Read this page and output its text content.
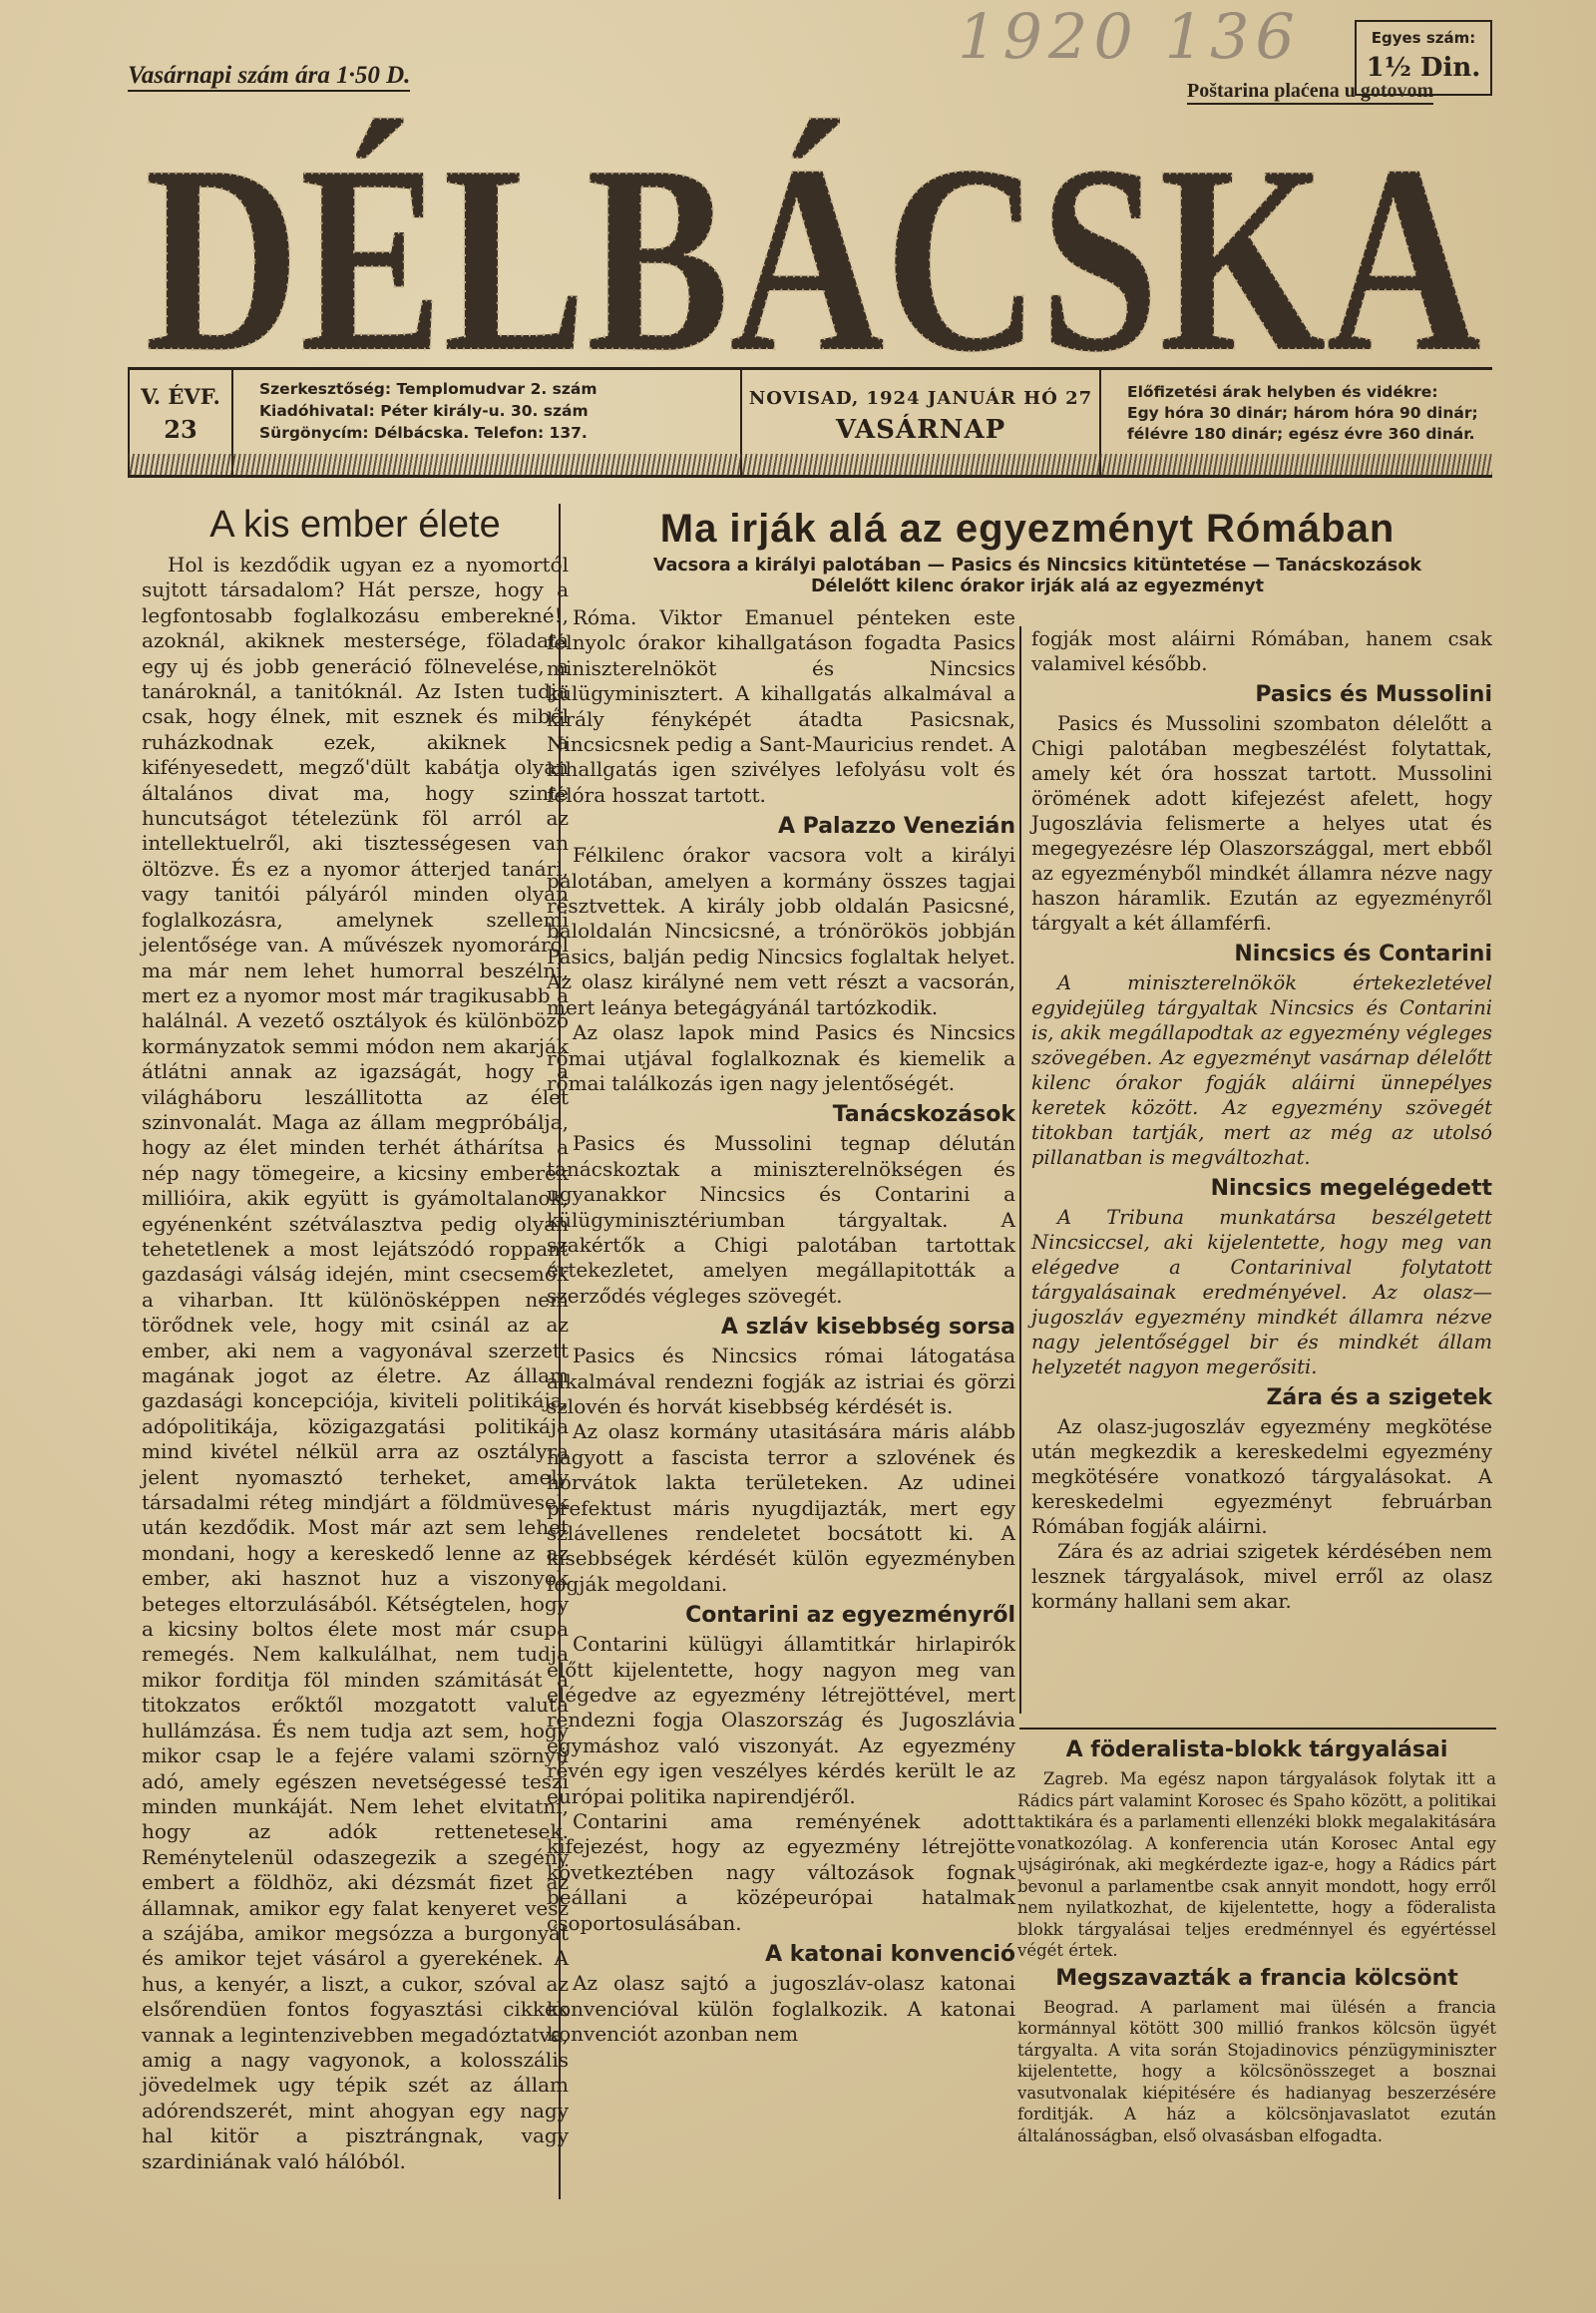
1920 136
Vasárnapi szám ára 1·50 D.
Poštarina plaćena u gotovom
DÉLBÁCSKA
V. ÉVF.
23
Szerkesztőség: Templomudvar 2. szám
Kiadóhivatal: Péter király-u. 30. szám
Sürgönycím: Délbácska. Telefon: 137.
NOVISAD, 1924 JANUÁR HÓ 27
VASÁRNAP
Előfizetési árak helyben és vidékre:
Egy hóra 30 dinár; három hóra 90 dinár;
félévre 180 dinár; egész évre 360 dinár.
Egyes szám:
1½ Din.
A kis ember élete

Hol is kezdődik ugyan ez a nyomortól sujtott társadalom? Hát persze, hogy a legfontosabb foglalkozásu emberekné!, azoknál, akiknek mestersége, föladata egy uj és jobb generáció fölnevelése, a tanároknál, a tanitóknál. Az Isten tudja csak, hogy élnek, mit esznek és miből ruházkodnak ezek, akiknek a kifényesedett, megző'dült kabátja olyan általános divat ma, hogy szinte huncutságot tételezünk föl arról az intellektuelről, aki tisztességesen van öltözve. És ez a nyomor átterjed tanári, vagy tanitói pályáról minden olyan foglalkozásra, amelynek szellemi jelentősége van. A művészek nyomoráról ma már nem lehet humorral beszélni, mert ez a nyomor most már tragikusabb a halálnál. A vezető osztályok és különböző kormányzatok semmi módon nem akarják átlátni annak az igazságát, hogy a világháboru leszállitotta az élet szinvonalát. Maga az állam megpróbálja, hogy az élet minden terhét áthárítsa a nép nagy tömegeire, a kicsiny emberek millióira, akik együtt is gyámoltalanok, egyénenként szétválasztva pedig olyan tehetetlenek a most lejátszódó roppant gazdasági válság idején, mint csecsemők a viharban. Itt különösképpen nem törődnek vele, hogy mit csinál az az ember, aki nem a vagyonával szerzett magának jogot az életre. Az állam gazdasági koncepciója, kiviteli politikája, adópolitikája, közigazgatási politikája mind kivétel nélkül arra az osztályra jelent nyomasztó terheket, amely társadalmi réteg mindjárt a földmüvesek után kezdődik. Most már azt sem lehet mondani, hogy a kereskedő lenne az az ember, aki hasznot huz a viszonyok beteges eltorzulásából. Kétségtelen, hogy a kicsiny boltos élete most már csupa remegés. Nem kalkulálhat, nem tudja mikor forditja föl minden számitását a titokzatos erőktől mozgatott valuta hullámzása. És nem tudja azt sem, hogy mikor csap le a fejére valami szörnyü adó, amely egészen nevetségessé teszi minden munkáját. Nem lehet elvitatni, hogy az adók rettenetesek. Reménytelenül odaszegezik a szegény embert a földhöz, aki dézsmát fizet az államnak, amikor egy falat kenyeret vesz a szájába, amikor megsózza a burgonyát és amikor tejet vásárol a gyerekének. A hus, a kenyér, a liszt, a cukor, szóval az elsőrendüen fontos fogyasztási cikkek vannak a legintenzivebben megadóztatva, amig a nagy vagyonok, a kolosszális jövedelmek ugy tépik szét az állam adórendszerét, mint ahogyan egy nagy hal kitör a pisztrángnak, vagy szardiniának való hálóból.

Ma irják alá az egyezményt Rómában
Vacsora a királyi palotában — Pasics és Nincsics kitüntetése — Tanácskozások
Délelőtt kilenc órakor irják alá az egyezményt

Róma. Viktor Emanuel pénteken este félnyolc órakor kihallgatáson fogadta Pasics miniszterelnököt és Nincsics külügyminisztert. A kihallgatás alkalmával a király fényképét átadta Pasicsnak, Nincsicsnek pedig a Sant-Mauricius rendet. A kihallgatás igen szivélyes lefolyásu volt és félóra hosszat tartott.

A Palazzo Venezián

Félkilenc órakor vacsora volt a királyi palotában, amelyen a kormány összes tagjai résztvettek. A király jobb oldalán Pasicsné, baloldalán Nincsicsné, a trónörökös jobbján Pasics, balján pedig Nincsics foglaltak helyet. Az olasz királyné nem vett részt a vacsorán, mert leánya betegágyánál tartózkodik.

Az olasz lapok mind Pasics és Nincsics római utjával foglalkoznak és kiemelik a római találkozás igen nagy jelentőségét.

Tanácskozások

Pasics és Mussolini tegnap délután tanácskoztak a miniszterelnökségen és ugyanakkor Nincsics és Contarini a külügyminisztériumban tárgyaltak. A szakértők a Chigi palotában tartottak értekezletet, amelyen megállapitották a szerződés végleges szövegét.

A szláv kisebbség sorsa

Pasics és Nincsics római látogatása alkalmával rendezni fogják az istriai és görzi szlovén és horvát kisebbség kérdését is.

Az olasz kormány utasitására máris alább hagyott a fascista terror a szlovének és horvátok lakta területeken. Az udinei prefektust máris nyugdijazták, mert egy szlávellenes rendeletet bocsátott ki. A kisebbségek kérdését külön egyezményben fogják megoldani.

Contarini az egyezményről

Contarini külügyi államtitkár hirlapirók előtt kijelentette, hogy nagyon meg van elégedve az egyezmény létrejöttével, mert rendezni fogja Olaszország és Jugoszlávia egymáshoz való viszonyát. Az egyezmény révén egy igen veszélyes kérdés került le az európai politika napirendjéről.

Contarini ama reményének adott kifejezést, hogy az egyezmény létrejötte következtében nagy változások fognak beállani a középeurópai hatalmak csoportosulásában.

A katonai konvenció

Az olasz sajtó a jugoszláv-olasz katonai konvencióval külön foglalkozik. A katonai konvenciót azonban nem

fogják most aláirni Rómában, hanem csak valamivel később.

Pasics és Mussolini

Pasics és Mussolini szombaton délelőtt a Chigi palotában megbeszélést folytattak, amely két óra hosszat tartott. Mussolini örömének adott kifejezést afelett, hogy Jugoszlávia felismerte a helyes utat és megegyezésre lép Olaszországgal, mert ebből az egyezményből mindkét államra nézve nagy haszon háramlik. Ezután az egyezményről tárgyalt a két államférfi.

Nincsics és Contarini

A miniszterelnökök értekezletével egyidejüleg tárgyaltak Nincsics és Contarini is, akik megállapodtak az egyezmény végleges szövegében. Az egyezményt vasárnap délelőtt kilenc órakor fogják aláirni ünnepélyes keretek között. Az egyezmény szövegét titokban tartják, mert az még az utolsó pillanatban is megváltozhat.

Nincsics megelégedett

A Tribuna munkatársa beszélgetett Nincsiccsel, aki kijelentette, hogy meg van elégedve a Contarinival folytatott tárgyalásainak eredményével. Az olasz—jugoszláv egyezmény mindkét államra nézve nagy jelentőséggel bir és mindkét állam helyzetét nagyon megerősiti.

Zára és a szigetek

Az olasz-jugoszláv egyezmény megkötése után megkezdik a kereskedelmi egyezmény megkötésére vonatkozó tárgyalásokat. A kereskedelmi egyezményt februárban Rómában fogják aláirni.

Zára és az adriai szigetek kérdésében nem lesznek tárgyalások, mivel erről az olasz kormány hallani sem akar.

A föderalista-blokk tárgyalásai

Zagreb. Ma egész napon tárgyalások folytak itt a Rádics párt valamint Korosec és Spaho között, a politikai taktikára és a parlamenti ellenzéki blokk megalakitására vonatkozólag. A konferencia után Korosec Antal egy ujságirónak, aki megkérdezte igaz-e, hogy a Rádics párt bevonul a parlamentbe csak annyit mondott, hogy erről nem nyilatkozhat, de kijelentette, hogy a föderalista blokk tárgyalásai teljes eredménnyel és egyértéssel végét értek.

Megszavazták a francia kölcsönt

Beograd. A parlament mai ülésén a francia kormánnyal kötött 300 millió frankos kölcsön ügyét tárgyalta. A vita során Stojadinovics pénzügyminiszter kijelentette, hogy a kölcsönösszeget a bosznai vasutvonalak kiépitésére és hadianyag beszerzésére forditják. A ház a kölcsönjavaslatot ezután általánosságban, első olvasásban elfogadta.
